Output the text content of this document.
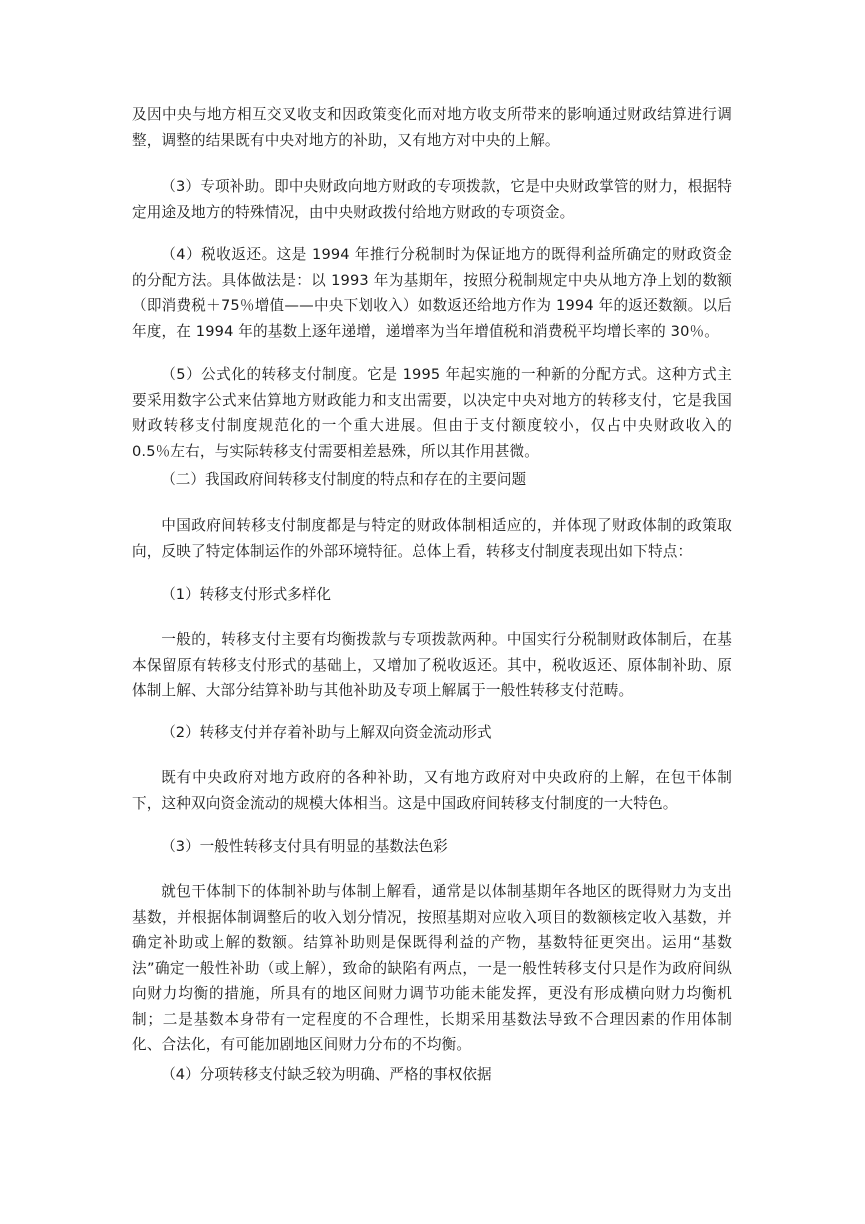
及因中央与地方相互交叉收支和因政策变化而对地方收支所带来的影响通过财政结算进行调整，调整的结果既有中央对地方的补助，又有地方对中央的上解。

（3）专项补助。即中央财政向地方财政的专项拨款，它是中央财政掌管的财力，根据特定用途及地方的特殊情况，由中央财政拨付给地方财政的专项资金。

（4）税收返还。这是 1994 年推行分税制时为保证地方的既得利益所确定的财政资金的分配方法。具体做法是：以 1993 年为基期年，按照分税制规定中央从地方净上划的数额（即消费税＋75％增值——中央下划收入）如数返还给地方作为 1994 年的返还数额。以后年度，在 1994 年的基数上逐年递增，递增率为当年增值税和消费税平均增长率的 30％。

（5）公式化的转移支付制度。它是 1995 年起实施的一种新的分配方式。这种方式主要采用数字公式来估算地方财政能力和支出需要，以决定中央对地方的转移支付，它是我国财政转移支付制度规范化的一个重大进展。但由于支付额度较小，仅占中央财政收入的 0.5％左右，与实际转移支付需要相差悬殊，所以其作用甚微。

（二）我国政府间转移支付制度的特点和存在的主要问题

中国政府间转移支付制度都是与特定的财政体制相适应的，并体现了财政体制的政策取向，反映了特定体制运作的外部环境特征。总体上看，转移支付制度表现出如下特点：

（1）转移支付形式多样化

一般的，转移支付主要有均衡拨款与专项拨款两种。中国实行分税制财政体制后，在基本保留原有转移支付形式的基础上，又增加了税收返还。其中，税收返还、原体制补助、原体制上解、大部分结算补助与其他补助及专项上解属于一般性转移支付范畴。

（2）转移支付并存着补助与上解双向资金流动形式

既有中央政府对地方政府的各种补助，又有地方政府对中央政府的上解，在包干体制下，这种双向资金流动的规模大体相当。这是中国政府间转移支付制度的一大特色。

（3）一般性转移支付具有明显的基数法色彩

就包干体制下的体制补助与体制上解看，通常是以体制基期年各地区的既得财力为支出基数，并根据体制调整后的收入划分情况，按照基期对应收入项目的数额核定收入基数，并确定补助或上解的数额。结算补助则是保既得利益的产物，基数特征更突出。运用“基数法”确定一般性补助（或上解），致命的缺陷有两点，一是一般性转移支付只是作为政府间纵向财力均衡的措施，所具有的地区间财力调节功能未能发挥，更没有形成横向财力均衡机制；二是基数本身带有一定程度的不合理性，长期采用基数法导致不合理因素的作用体制化、合法化，有可能加剧地区间财力分布的不均衡。

（4）分项转移支付缺乏较为明确、严格的事权依据
